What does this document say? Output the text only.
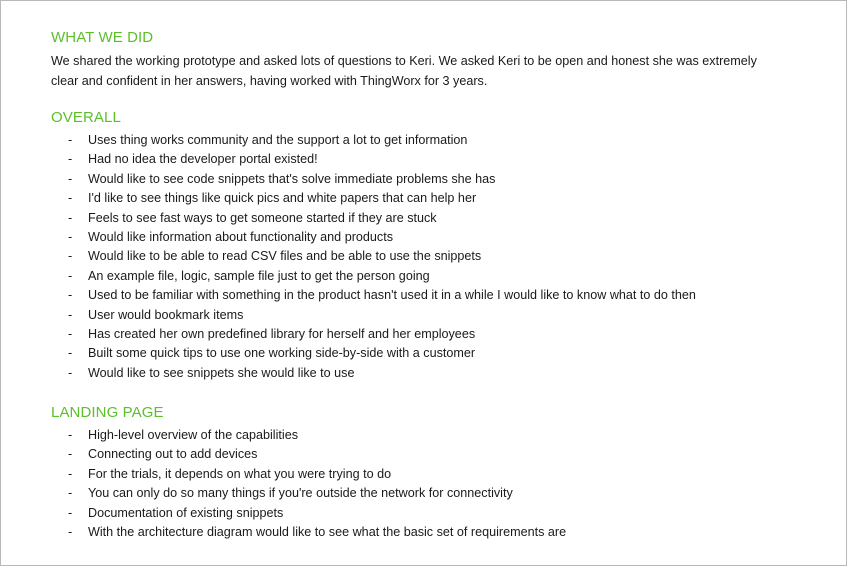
WHAT WE DID

We shared the working prototype and asked lots of questions to Keri. We asked Keri to be open and honest she was extremely clear and confident in her answers, having worked with ThingWorx for 3 years.

OVERALL
- Uses thing works community and the support a lot to get information
- Had no idea the developer portal existed!
- Would like to see code snippets that's solve immediate problems she has
- I'd like to see things like quick pics and white papers that can help her
- Feels to see fast ways to get someone started if they are stuck
- Would like information about functionality and products
- Would like to be able to read CSV files and be able to use the snippets
- An example file, logic, sample file just to get the person going
- Used to be familiar with something in the product hasn't used it in a while I would like to know what to do then
- User would bookmark items
- Has created her own predefined library for herself and her employees
- Built some quick tips to use one working side-by-side with a customer
- Would like to see snippets she would like to use
LANDING PAGE
- High-level overview of the capabilities
- Connecting out to add devices
- For the trials, it depends on what you were trying to do
- You can only do so many things if you're outside the network for connectivity
- Documentation of existing snippets
- With the architecture diagram would like to see what the basic set of requirements are
